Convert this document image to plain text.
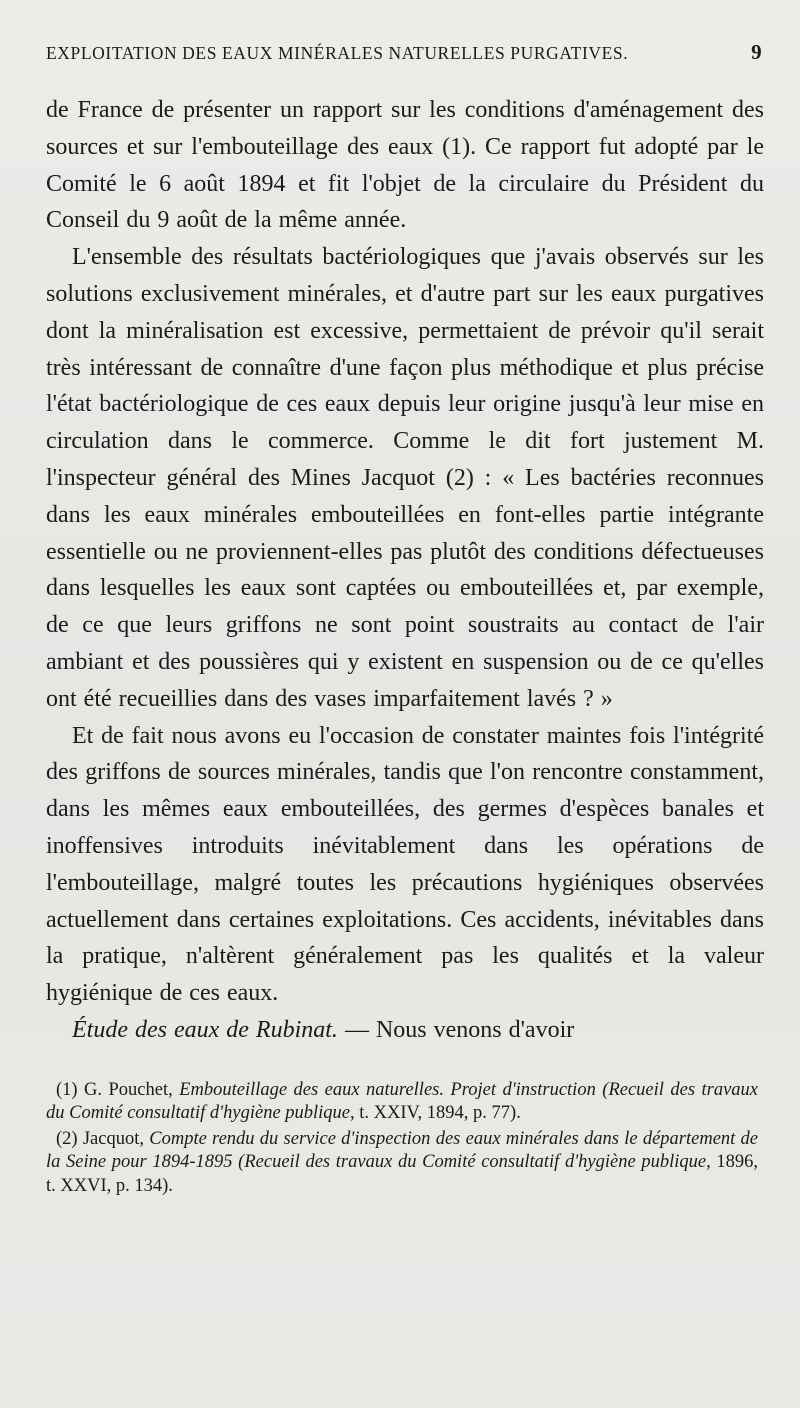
EXPLOITATION DES EAUX MINÉRALES NATURELLES PURGATIVES.	9

de France de présenter un rapport sur les conditions d'aménagement des sources et sur l'embouteillage des eaux (1). Ce rapport fut adopté par le Comité le 6 août 1894 et fit l'objet de la circulaire du Président du Conseil du 9 août de la même année.

L'ensemble des résultats bactériologiques que j'avais observés sur les solutions exclusivement minérales, et d'autre part sur les eaux purgatives dont la minéralisation est excessive, permettaient de prévoir qu'il serait très intéressant de connaître d'une façon plus méthodique et plus précise l'état bactériologique de ces eaux depuis leur origine jusqu'à leur mise en circulation dans le commerce. Comme le dit fort justement M. l'inspecteur général des Mines Jacquot (2) : « Les bactéries reconnues dans les eaux minérales embouteillées en font-elles partie intégrante essentielle ou ne proviennent-elles pas plutôt des conditions défectueuses dans lesquelles les eaux sont captées ou embouteillées et, par exemple, de ce que leurs griffons ne sont point soustraits au contact de l'air ambiant et des poussières qui y existent en suspension ou de ce qu'elles ont été recueillies dans des vases imparfaitement lavés ? »

Et de fait nous avons eu l'occasion de constater maintes fois l'intégrité des griffons de sources minérales, tandis que l'on rencontre constamment, dans les mêmes eaux embouteillées, des germes d'espèces banales et inoffensives introduits inévitablement dans les opérations de l'embouteillage, malgré toutes les précautions hygiéniques observées actuellement dans certaines exploitations. Ces accidents, inévitables dans la pratique, n'altèrent généralement pas les qualités et la valeur hygiénique de ces eaux.

Étude des eaux de Rubinat. — Nous venons d'avoir

(1) G. Pouchet, Embouteillage des eaux naturelles. Projet d'instruction (Recueil des travaux du Comité consultatif d'hygiène publique, t. XXIV, 1894, p. 77).

(2) Jacquot, Compte rendu du service d'inspection des eaux minérales dans le département de la Seine pour 1894-1895 (Recueil des travaux du Comité consultatif d'hygiène publique, 1896, t. XXVI, p. 134).
